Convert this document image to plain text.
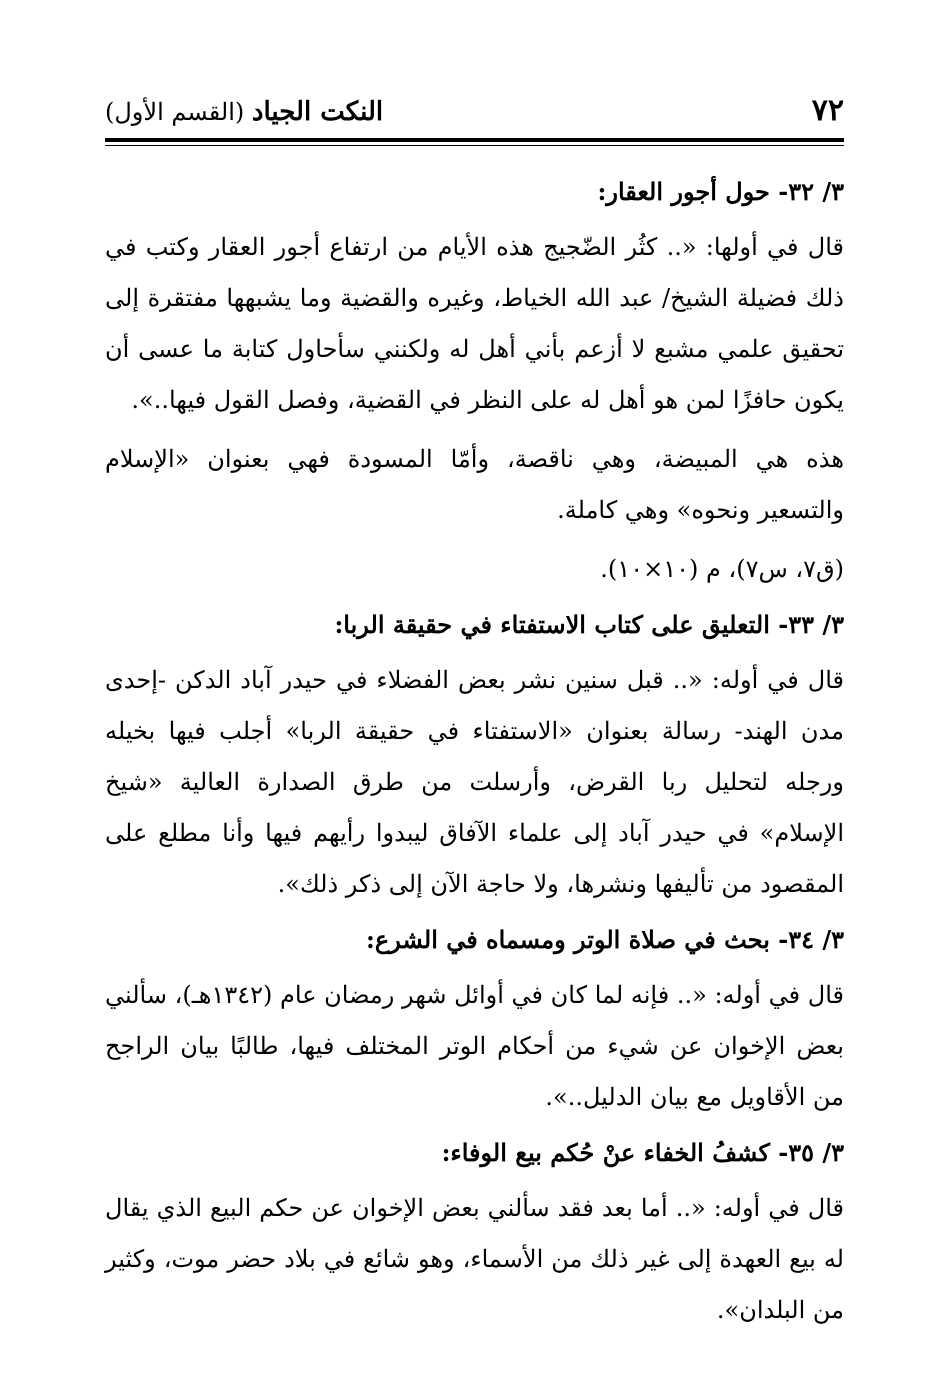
٧٢
النكت الجياد (القسم الأول)
٣/ ٣٢- حول أجور العقار:

قال في أولها: «.. كثُر الضّجيج هذه الأيام من ارتفاع أجور العقار وكتب في ذلك فضيلة الشيخ/ عبد الله الخياط، وغيره والقضية وما يشبهها مفتقرة إلى تحقيق علمي مشبع لا أزعم بأني أهل له ولكنني سأحاول كتابة ما عسى أن يكون حافزًا لمن هو أهل له على النظر في القضية، وفصل القول فيها..».

هذه هي المبيضة، وهي ناقصة، وأمّا المسودة فهي بعنوان «الإسلام والتسعير ونحوه» وهي كاملة.

(ق٧، س٧)، م (١٠×١٠).

٣/ ٣٣- التعليق على كتاب الاستفتاء في حقيقة الربا:

قال في أوله: «.. قبل سنين نشر بعض الفضلاء في حيدر آباد الدكن -إحدى مدن الهند- رسالة بعنوان «الاستفتاء في حقيقة الربا» أجلب فيها بخيله ورجله لتحليل ربا القرض، وأرسلت من طرق الصدارة العالية «شيخ الإسلام» في حيدر آباد إلى علماء الآفاق ليبدوا رأيهم فيها وأنا مطلع على المقصود من تأليفها ونشرها، ولا حاجة الآن إلى ذكر ذلك».

٣/ ٣٤- بحث في صلاة الوتر ومسماه في الشرع:

قال في أوله: «.. فإنه لما كان في أوائل شهر رمضان عام (١٣٤٢هـ)، سألني بعض الإخوان عن شيء من أحكام الوتر المختلف فيها، طالبًا بيان الراجح من الأقاويل مع بيان الدليل..».

٣/ ٣٥- كشفُ الخفاء عنْ حُكم بيع الوفاء:

قال في أوله: «.. أما بعد فقد سألني بعض الإخوان عن حكم البيع الذي يقال له بيع العهدة إلى غير ذلك من الأسماء، وهو شائع في بلاد حضر موت، وكثير من البلدان».
